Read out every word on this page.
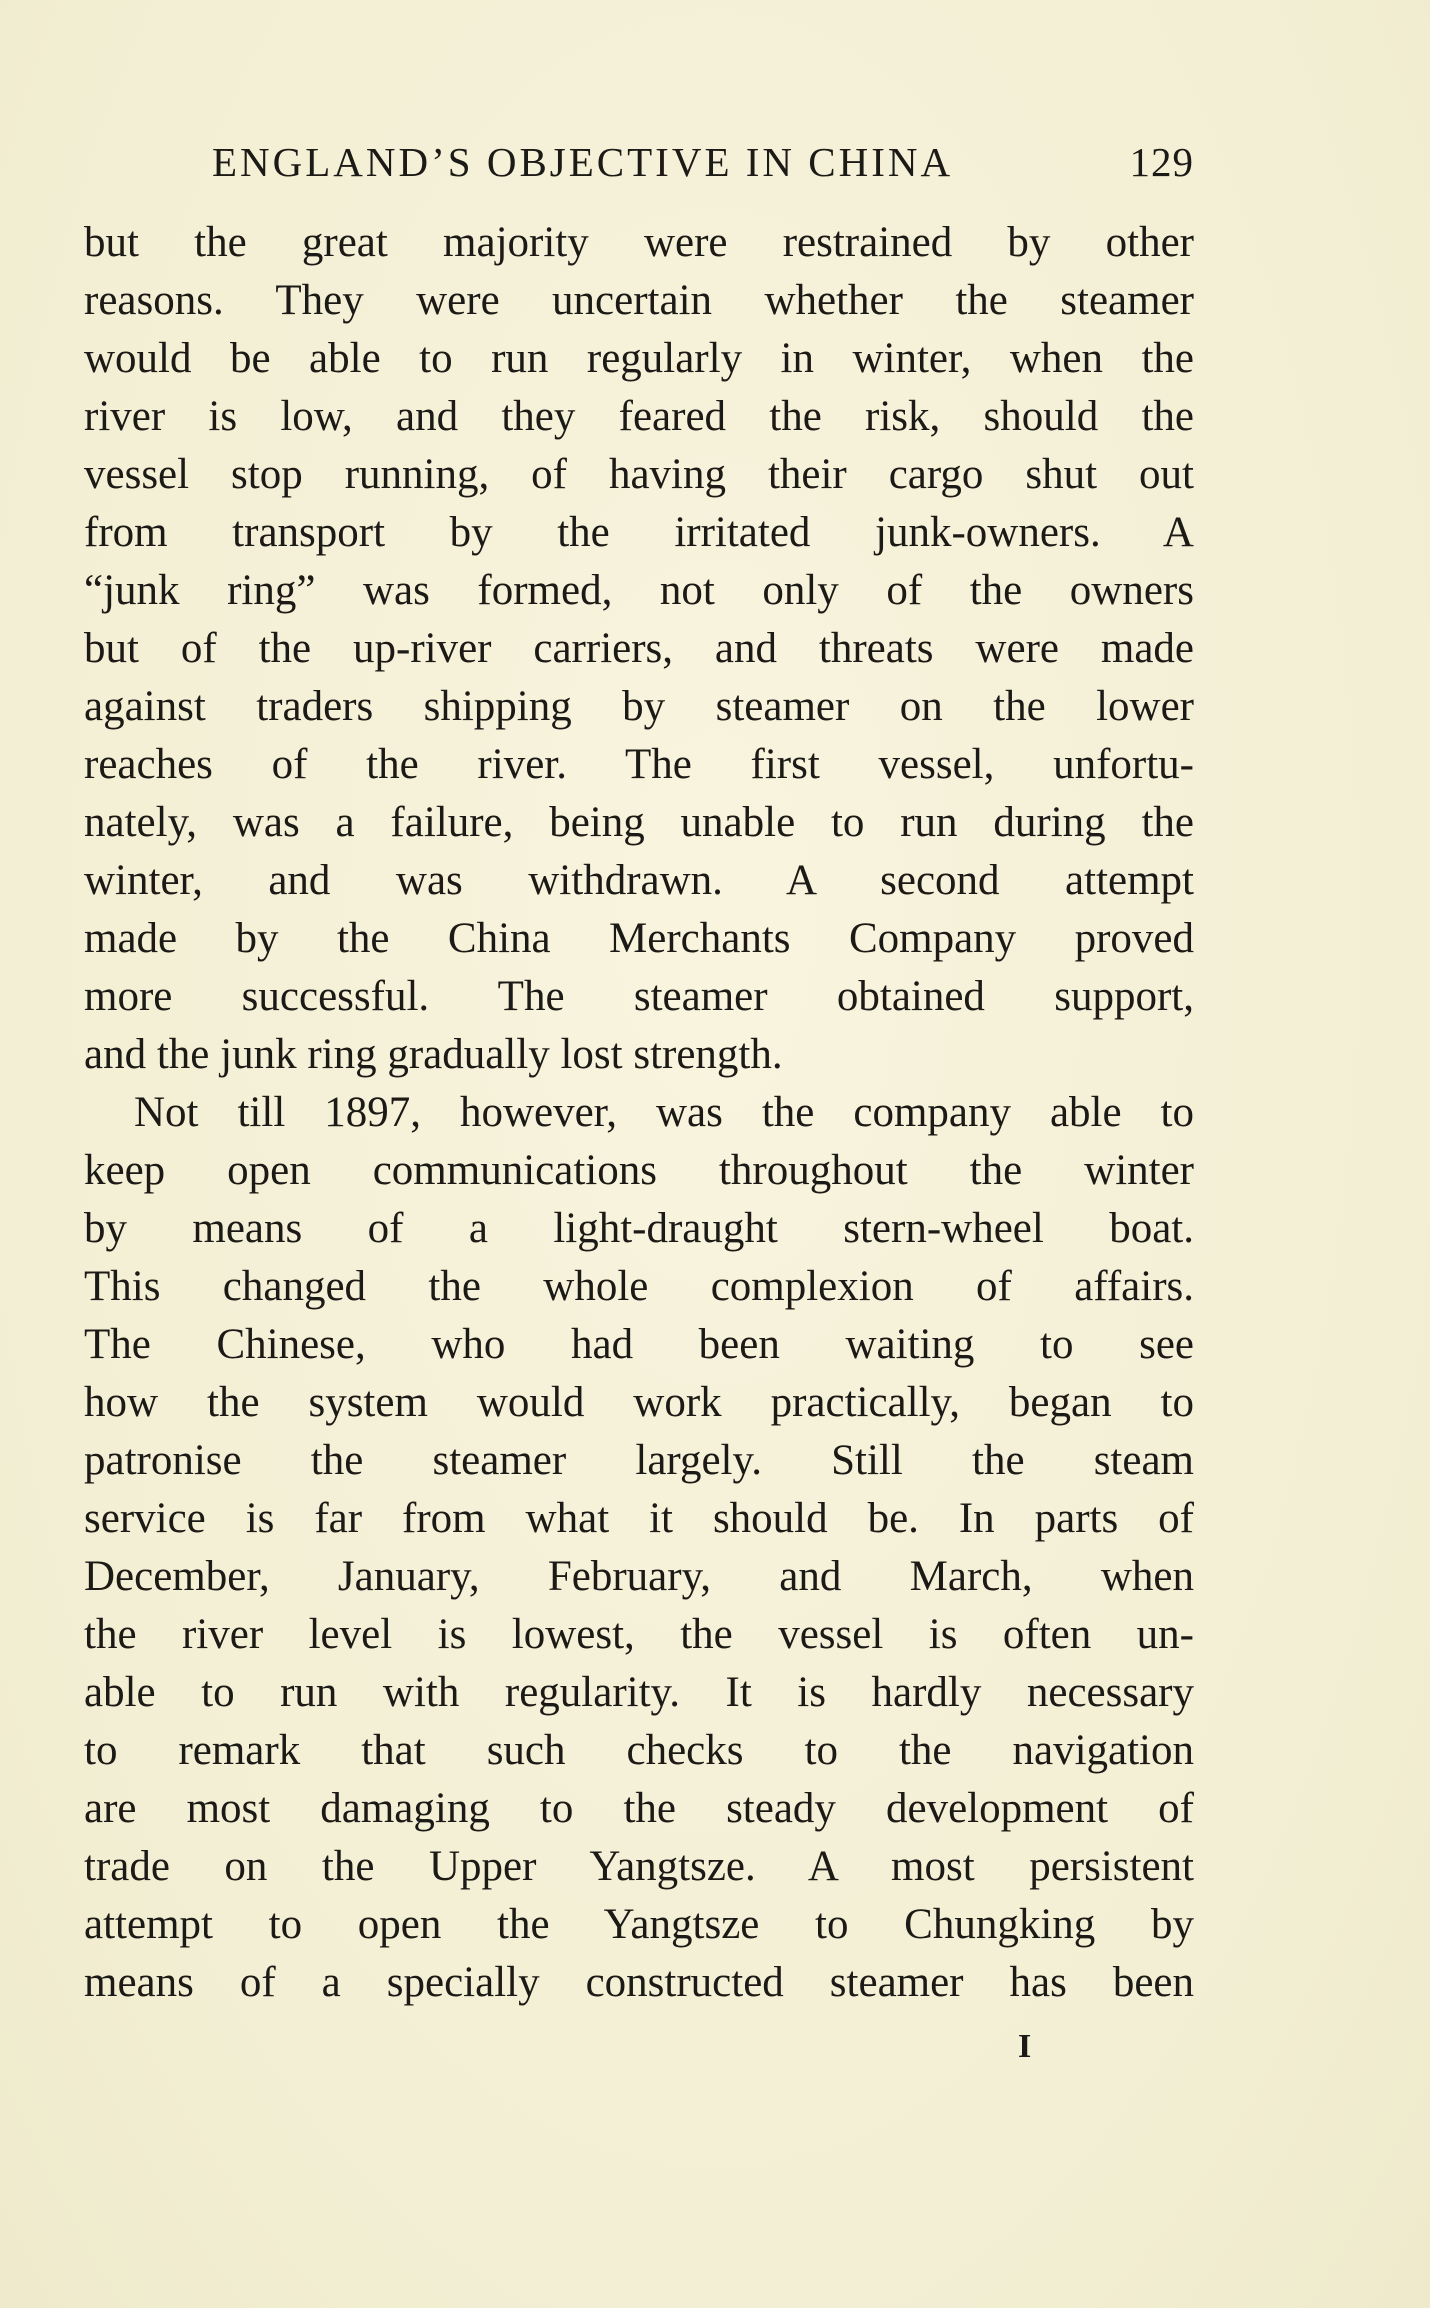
ENGLAND’S OBJECTIVE IN CHINA	129
but the great majority were restrained by other
reasons. They were uncertain whether the steamer
would be able to run regularly in winter, when the
river is low, and they feared the risk, should the
vessel stop running, of having their cargo shut out
from transport by the irritated junk-owners. A
“junk ring” was formed, not only of the owners
but of the up-river carriers, and threats were made
against traders shipping by steamer on the lower
reaches of the river. The first vessel, unfortu-
nately, was a failure, being unable to run during the
winter, and was withdrawn. A second attempt
made by the China Merchants Company proved
more successful. The steamer obtained support,
and the junk ring gradually lost strength.
Not till 1897, however, was the company able to
keep open communications throughout the winter
by means of a light-draught stern-wheel boat.
This changed the whole complexion of affairs.
The Chinese, who had been waiting to see
how the system would work practically, began to
patronise the steamer largely. Still the steam
service is far from what it should be. In parts of
December, January, February, and March, when
the river level is lowest, the vessel is often un-
able to run with regularity. It is hardly necessary
to remark that such checks to the navigation
are most damaging to the steady development of
trade on the Upper Yangtsze. A most persistent
attempt to open the Yangtsze to Chungking by
means of a specially constructed steamer has been
I
